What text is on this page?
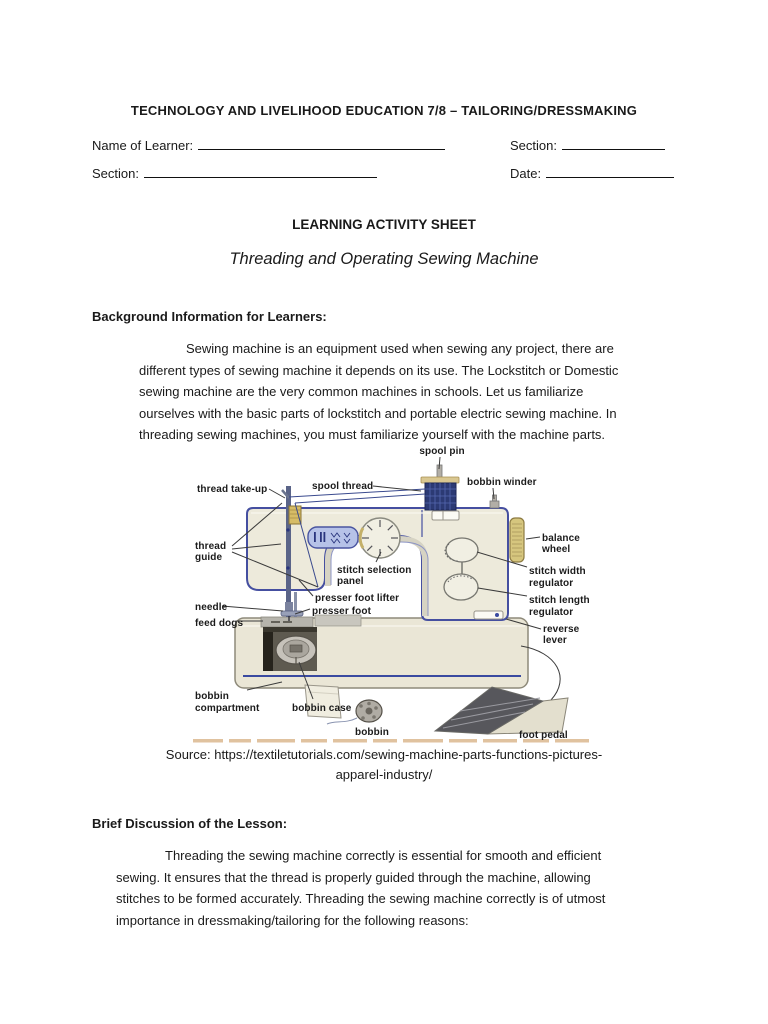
TECHNOLOGY AND LIVELIHOOD EDUCATION 7/8 – TAILORING/DRESSMAKING
Name of Learner:	Section:
Section:	Date:
LEARNING ACTIVITY SHEET
Threading and Operating Sewing Machine
Background Information for Learners:
Sewing machine is an equipment used when sewing any project, there are
different types of sewing machine it depends on its use. The Lockstitch or Domestic
sewing machine are the very common machines in schools. Let us familiarize
ourselves with the basic parts of lockstitch and portable electric sewing machine. In
threading sewing machines, you must familiarize yourself with the machine parts.
spool pin
thread take-up	spool thread	bobbin winder
thread
guide
balance
wheel
stitch selection
panel
presser foot lifter
presser foot
needle
feed dogs
stitch width
regulator
stitch length
regulator
reverse
lever
bobbin
compartment	bobbin case
bobbin	foot pedal
Source: https://textiletutorials.com/sewing-machine-parts-functions-pictures-
apparel-industry/
Brief Discussion of the Lesson:
Threading the sewing machine correctly is essential for smooth and efficient
sewing. It ensures that the thread is properly guided through the machine, allowing
stitches to be formed accurately. Threading the sewing machine correctly is of utmost
importance in dressmaking/tailoring for the following reasons:
